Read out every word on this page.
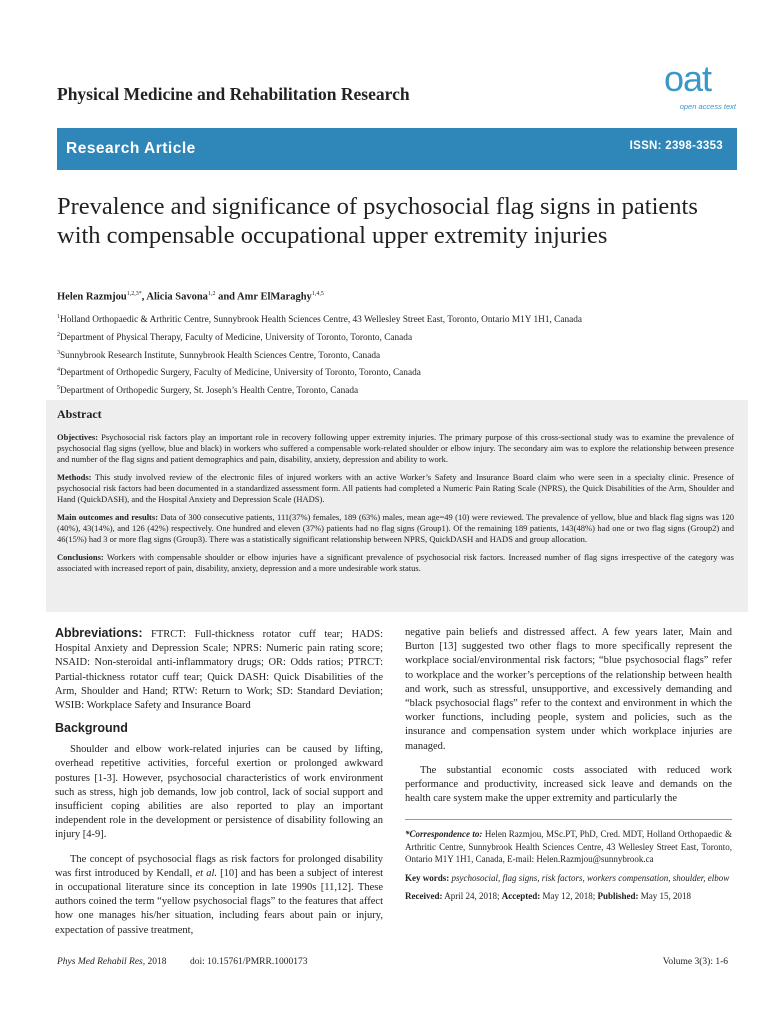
Physical Medicine and Rehabilitation Research	oat
open access text
Research Article	ISSN: 2398-3353
Prevalence and significance of psychosocial flag signs in patients with compensable occupational upper extremity injuries
Helen Razmjou$^{1,2,3*}$, Alicia Savona$^{1,2}$ and Amr ElMaraghy$^{1,4,5}$
$^1$Holland Orthopaedic & Arthritic Centre, Sunnybrook Health Sciences Centre, 43 Wellesley Street East, Toronto, Ontario M1Y 1H1, Canada
$^2$Department of Physical Therapy, Faculty of Medicine, University of Toronto, Toronto, Canada
$^3$Sunnybrook Research Institute, Sunnybrook Health Sciences Centre, Toronto, Canada
$^4$Department of Orthopedic Surgery, Faculty of Medicine, University of Toronto, Toronto, Canada
$^5$Department of Orthopedic Surgery, St. Joseph’s Health Centre, Toronto, Canada
Abstract

Objectives: Psychosocial risk factors play an important role in recovery following upper extremity injuries. The primary purpose of this cross-sectional study was to examine the prevalence of psychosocial flag signs (yellow, blue and black) in workers who suffered a compensable work-related shoulder or elbow injury. The secondary aim was to explore the relationship between presence and number of the flag signs and patient demographics and pain, disability, anxiety, depression and ability to work.

Methods: This study involved review of the electronic files of injured workers with an active Worker’s Safety and Insurance Board claim who were seen in a specialty clinic. Presence of psychosocial risk factors had been documented in a standardized assessment form. All patients had completed a Numeric Pain Rating Scale (NPRS), the Quick Disabilities of the Arm, Shoulder and Hand (QuickDASH), and the Hospital Anxiety and Depression Scale (HADS).

Main outcomes and results: Data of 300 consecutive patients, 111(37%) females, 189 (63%) males, mean age=49 (10) were reviewed. The prevalence of yellow, blue and black flag signs was 120 (40%), 43(14%), and 126 (42%) respectively. One hundred and eleven (37%) patients had no flag signs (Group1). Of the remaining 189 patients, 143(48%) had one or two flag signs (Group2) and 46(15%) had 3 or more flag signs (Group3). There was a statistically significant relationship between NPRS, QuickDASH and HADS and group allocation.

Conclusions: Workers with compensable shoulder or elbow injuries have a significant prevalence of psychosocial risk factors. Increased number of flag signs irrespective of the category was associated with increased report of pain, disability, anxiety, depression and a more undesirable work status.

Abbreviations: FTRCT: Full-thickness rotator cuff tear; HADS: Hospital Anxiety and Depression Scale; NPRS: Numeric pain rating score; NSAID: Non-steroidal anti-inflammatory drugs; OR: Odds ratios; PTRCT: Partial-thickness rotator cuff tear; Quick DASH: Quick Disabilities of the Arm, Shoulder and Hand; RTW: Return to Work; SD: Standard Deviation; WSIB: Workplace Safety and Insurance Board

Background

Shoulder and elbow work-related injuries can be caused by lifting, overhead repetitive activities, forceful exertion or prolonged awkward postures [1-3]. However, psychosocial characteristics of work environment such as stress, high job demands, low job control, lack of social support and insufficient coping abilities are also reported to play an important independent role in the development or persistence of disability following an injury [4-9].

The concept of psychosocial flags as risk factors for prolonged disability was first introduced by Kendall, et al. [10] and has been a subject of interest in occupational literature since its conception in late 1990s [11,12]. These authors coined the term “yellow psychosocial flags” to the features that affect how one manages his/her situation, including fears about pain or injury, expectation of passive treatment,

negative pain beliefs and distressed affect. A few years later, Main and Burton [13] suggested two other flags to more specifically represent the workplace social/environmental risk factors; “blue psychosocial flags” refer to workplace and the worker’s perceptions of the relationship between health and work, such as stressful, unsupportive, and excessively demanding and “black psychosocial flags” refer to the context and environment in which the worker functions, including people, system and policies, such as the insurance and compensation system under which workplace injuries are managed.

The substantial economic costs associated with reduced work performance and productivity, increased sick leave and demands on the health care system make the upper extremity and particularly the

*Correspondence to: Helen Razmjou, MSc.PT, PhD, Cred. MDT, Holland Orthopaedic & Arthritic Centre, Sunnybrook Health Sciences Centre, 43 Wellesley Street East, Toronto, Ontario M1Y 1H1, Canada, E-mail: Helen.Razmjou@sunnybrook.ca

Key words: psychosocial, flag signs, risk factors, workers compensation, shoulder, elbow

Received: April 24, 2018; Accepted: May 12, 2018; Published: May 15, 2018

Phys Med Rehabil Res, 2018 doi: 10.15761/PMRR.1000173	Volume 3(3): 1-6
